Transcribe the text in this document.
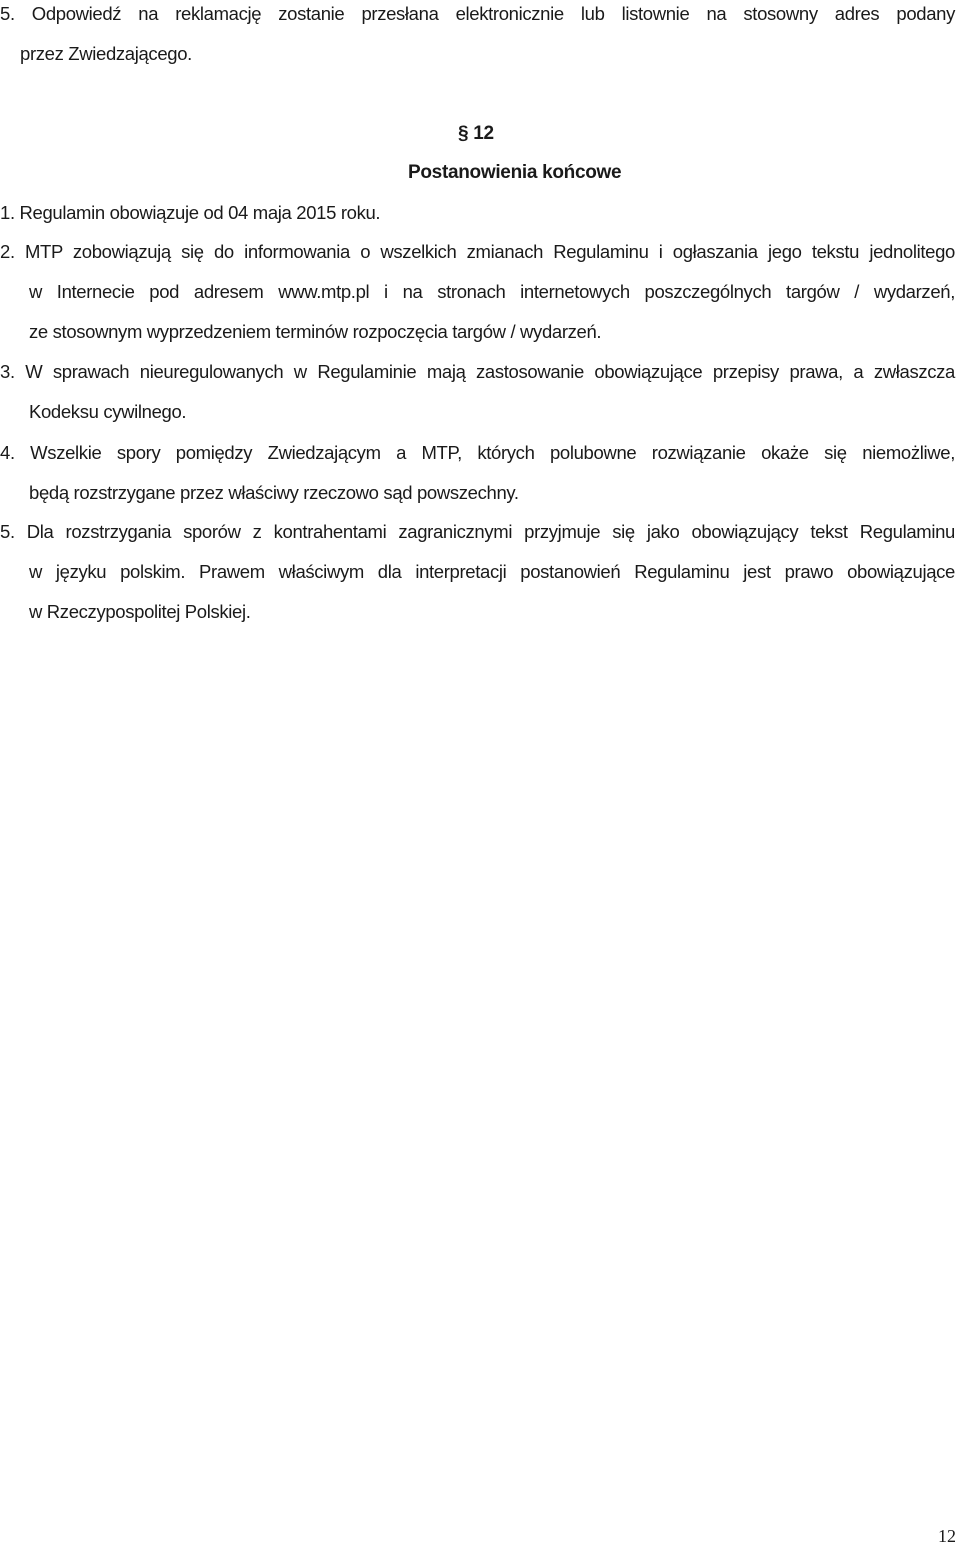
5. Odpowiedź na reklamację zostanie przesłana elektronicznie lub listownie na stosowny adres podany
przez Zwiedzającego.
§ 12
Postanowienia końcowe
1. Regulamin obowiązuje od 04 maja 2015 roku.
2. MTP zobowiązują się do informowania o wszelkich zmianach Regulaminu i ogłaszania jego tekstu jednolitego
w Internecie pod adresem www.mtp.pl i na stronach internetowych poszczególnych targów / wydarzeń,
ze stosownym wyprzedzeniem terminów rozpoczęcia targów / wydarzeń.
3. W sprawach nieuregulowanych w Regulaminie mają zastosowanie obowiązujące przepisy prawa, a zwłaszcza
Kodeksu cywilnego.
4. Wszelkie spory pomiędzy Zwiedzającym a MTP, których polubowne rozwiązanie okaże się niemożliwe,
będą rozstrzygane przez właściwy rzeczowo sąd powszechny.
5. Dla rozstrzygania sporów z kontrahentami zagranicznymi przyjmuje się jako obowiązujący tekst Regulaminu
w języku polskim. Prawem właściwym dla interpretacji postanowień Regulaminu jest prawo obowiązujące
w Rzeczypospolitej Polskiej.
12
